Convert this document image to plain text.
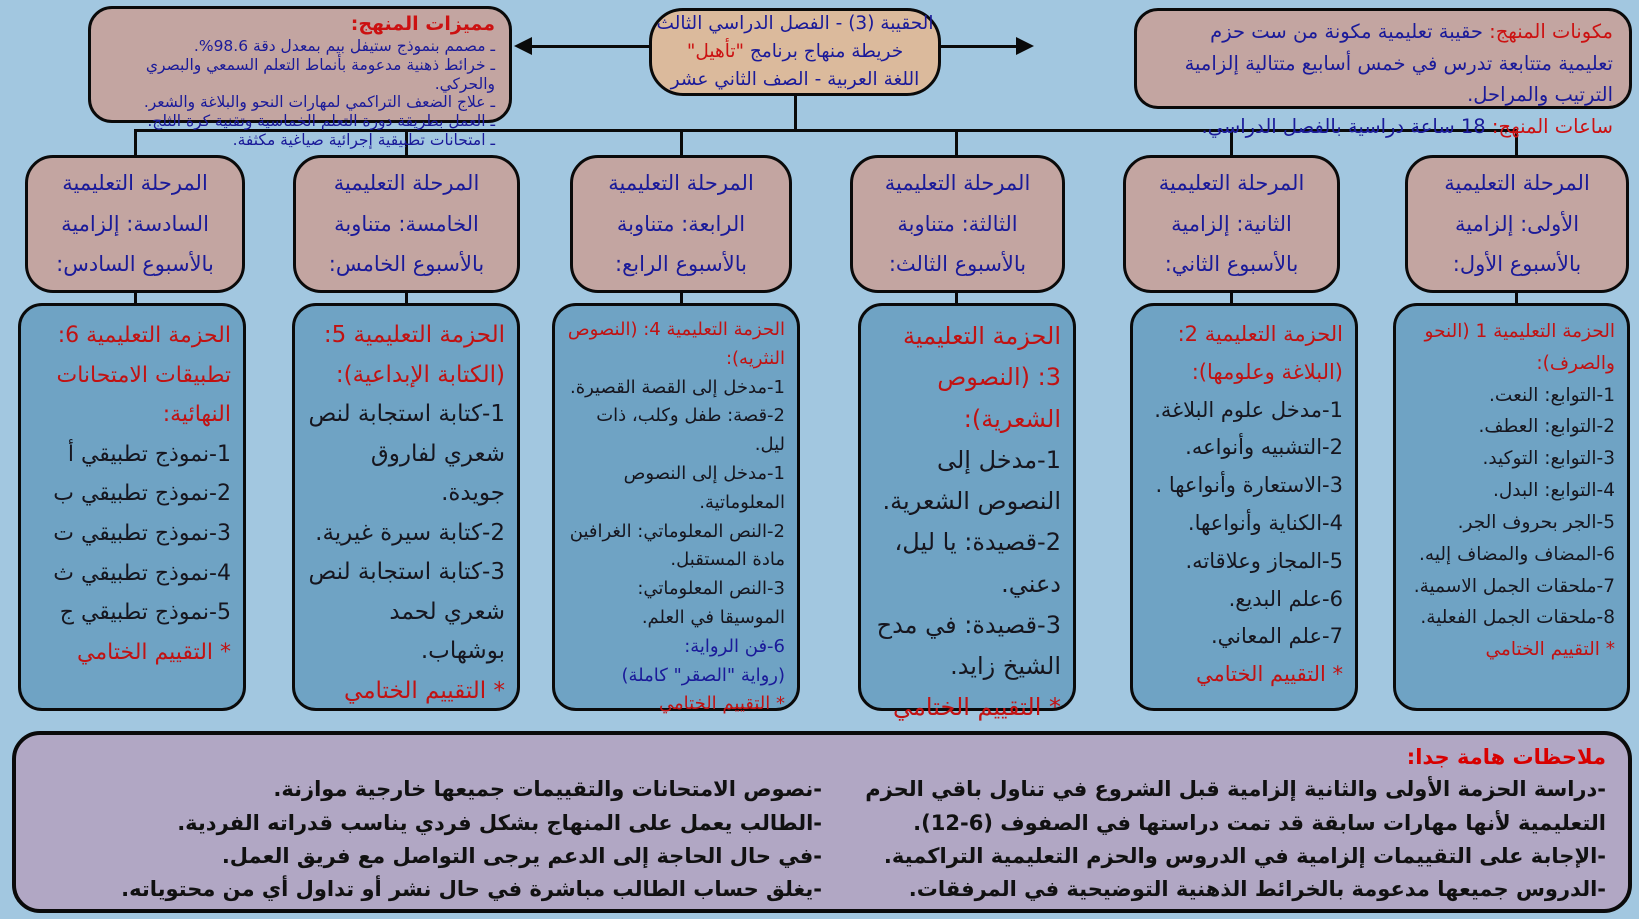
مميزات المنهج:
ـ مصمم بنموذج ستيفل بيم بمعدل دقة 98.6%.
ـ خرائط ذهنية مدعومة بأنماط التعلم السمعي والبصري والحركي.
ـ علاج الضعف التراكمي لمهارات النحو والبلاغة والشعر.
ـ العمل بطريقة دورة التعلم الخماسية وتقنية كرة الثلج.
ـ امتحانات تطبيقية إجرائية صياغية مكثفة.
الحقيبة (3) - الفصل الدراسي الثالث
خريطة منهاج برنامج "تأهيل"
اللغة العربية - الصف الثاني عشر

مكونات المنهج: حقيبة تعليمية مكونة من ست حزم تعليمية متتابعة تدرس في خمس أسابيع متتالية إلزامية الترتيب والمراحل.

ساعات المنهج: 18 ساعة دراسية بالفصل الدراسي.

المرحلة التعليمية الأولى: إلزامية بالأسبوع الأول:
المرحلة التعليمية الثانية: إلزامية بالأسبوع الثاني:
المرحلة التعليمية الثالثة: متناوبة بالأسبوع الثالث:
المرحلة التعليمية الرابعة: متناوبة بالأسبوع الرابع:
المرحلة التعليمية الخامسة: متناوبة بالأسبوع الخامس:
المرحلة التعليمية السادسة: إلزامية بالأسبوع السادس:
الحزمة التعليمية 1 (النحو والصرف):
1-التوابع: النعت.
2-التوابع: العطف.
3-التوابع: التوكيد.
4-التوابع: البدل.
5-الجر بحروف الجر.
6-المضاف والمضاف إليه.
7-ملحقات الجمل الاسمية.
8-ملحقات الجمل الفعلية.
* التقييم الختامي
الحزمة التعليمية 2: (البلاغة وعلومها):
1-مدخل علوم البلاغة.
2-التشبيه وأنواعه.
3-الاستعارة وأنواعها .
4-الكناية وأنواعها.
5-المجاز وعلاقاته.
6-علم البديع.
7-علم المعاني.
* التقييم الختامي
الحزمة التعليمية 3: (النصوص الشعرية):
1-مدخل إلى النصوص الشعرية.
2-قصيدة: يا ليل، دعني.
3-قصيدة: في مدح الشيخ زايد.
* التقييم الختامي
الحزمة التعليمية 4: (النصوص النثريه):
1-مدخل إلى القصة القصيرة.
2-قصة: طفل وكلب، ذات ليل.
1-مدخل إلى النصوص المعلوماتية.
2-النص المعلوماتي: الغرافين مادة المستقبل.
3-النص المعلوماتي: الموسيقا في العلم.
6-فن الرواية:
(رواية "الصقر" كاملة)
* التقييم الختامي
الحزمة التعليمية 5: (الكتابة الإبداعية):
1-كتابة استجابة لنص شعري لفاروق جويدة.
2-كتابة سيرة غيرية.
3-كتابة استجابة لنص شعري لحمد بوشهاب.
* التقييم الختامي
الحزمة التعليمية 6: تطبيقات الامتحانات النهائية:
1-نموذج تطبيقي أ
2-نموذج تطبيقي ب
3-نموذج تطبيقي ت
4-نموذج تطبيقي ث
5-نموذج تطبيقي ج
* التقييم الختامي
ملاحظات هامة جدا:
-دراسة الحزمة الأولى والثانية إلزامية قبل الشروع في تناول باقي الحزم التعليمية لأنها مهارات سابقة قد تمت دراستها في الصفوف (6-12).
-الإجابة على التقييمات إلزامية في الدروس والحزم التعليمية التراكمية.
-الدروس جميعها مدعومة بالخرائط الذهنية التوضيحية في المرفقات.
-نصوص الامتحانات والتقييمات جميعها خارجية موازنة.
-الطالب يعمل على المنهاج بشكل فردي يناسب قدراته الفردية.
-في حال الحاجة إلى الدعم يرجى التواصل مع فريق العمل.
-يغلق حساب الطالب مباشرة في حال نشر أو تداول أي من محتوياته.
